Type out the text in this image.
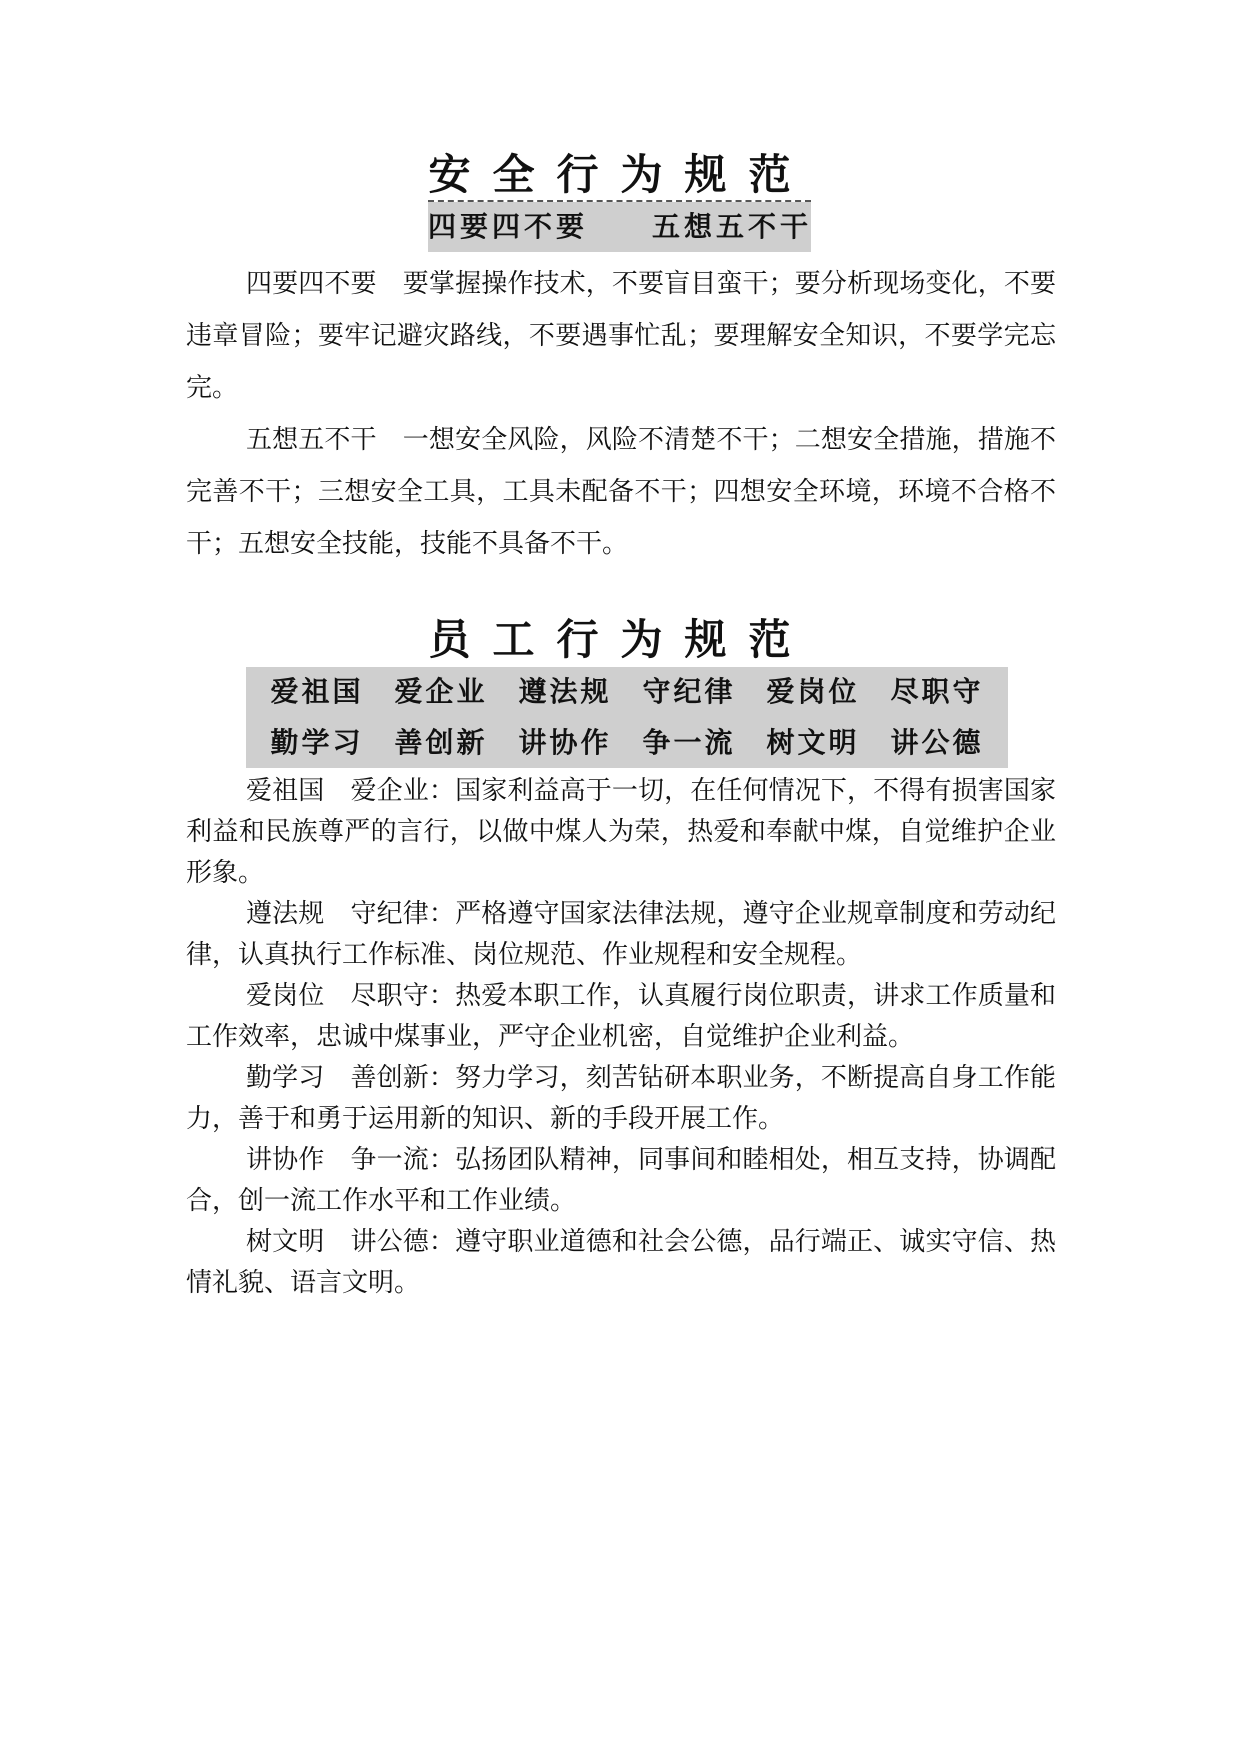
安全行为规范
四要四不要　　五想五不干
四要四不要 要掌握操作技术，不要盲目蛮干；要分析现场变化，不要违章冒险；要牢记避灾路线，不要遇事忙乱；要理解安全知识，不要学完忘完。
五想五不干 一想安全风险，风险不清楚不干；二想安全措施，措施不完善不干；三想安全工具，工具未配备不干；四想安全环境，环境不合格不干；五想安全技能，技能不具备不干。
员工行为规范
爱祖国　爱企业　遵法规　守纪律　爱岗位　尽职守
勤学习　善创新　讲协作　争一流　树文明　讲公德
爱祖国　爱企业：国家利益高于一切，在任何情况下，不得有损害国家利益和民族尊严的言行，以做中煤人为荣，热爱和奉献中煤，自觉维护企业形象。
遵法规　守纪律：严格遵守国家法律法规，遵守企业规章制度和劳动纪律，认真执行工作标准、岗位规范、作业规程和安全规程。
爱岗位　尽职守：热爱本职工作，认真履行岗位职责，讲求工作质量和工作效率，忠诚中煤事业，严守企业机密，自觉维护企业利益。
勤学习　善创新：努力学习，刻苦钻研本职业务，不断提高自身工作能力，善于和勇于运用新的知识、新的手段开展工作。
讲协作　争一流：弘扬团队精神，同事间和睦相处，相互支持，协调配合，创一流工作水平和工作业绩。
树文明　讲公德：遵守职业道德和社会公德，品行端正、诚实守信、热情礼貌、语言文明。
